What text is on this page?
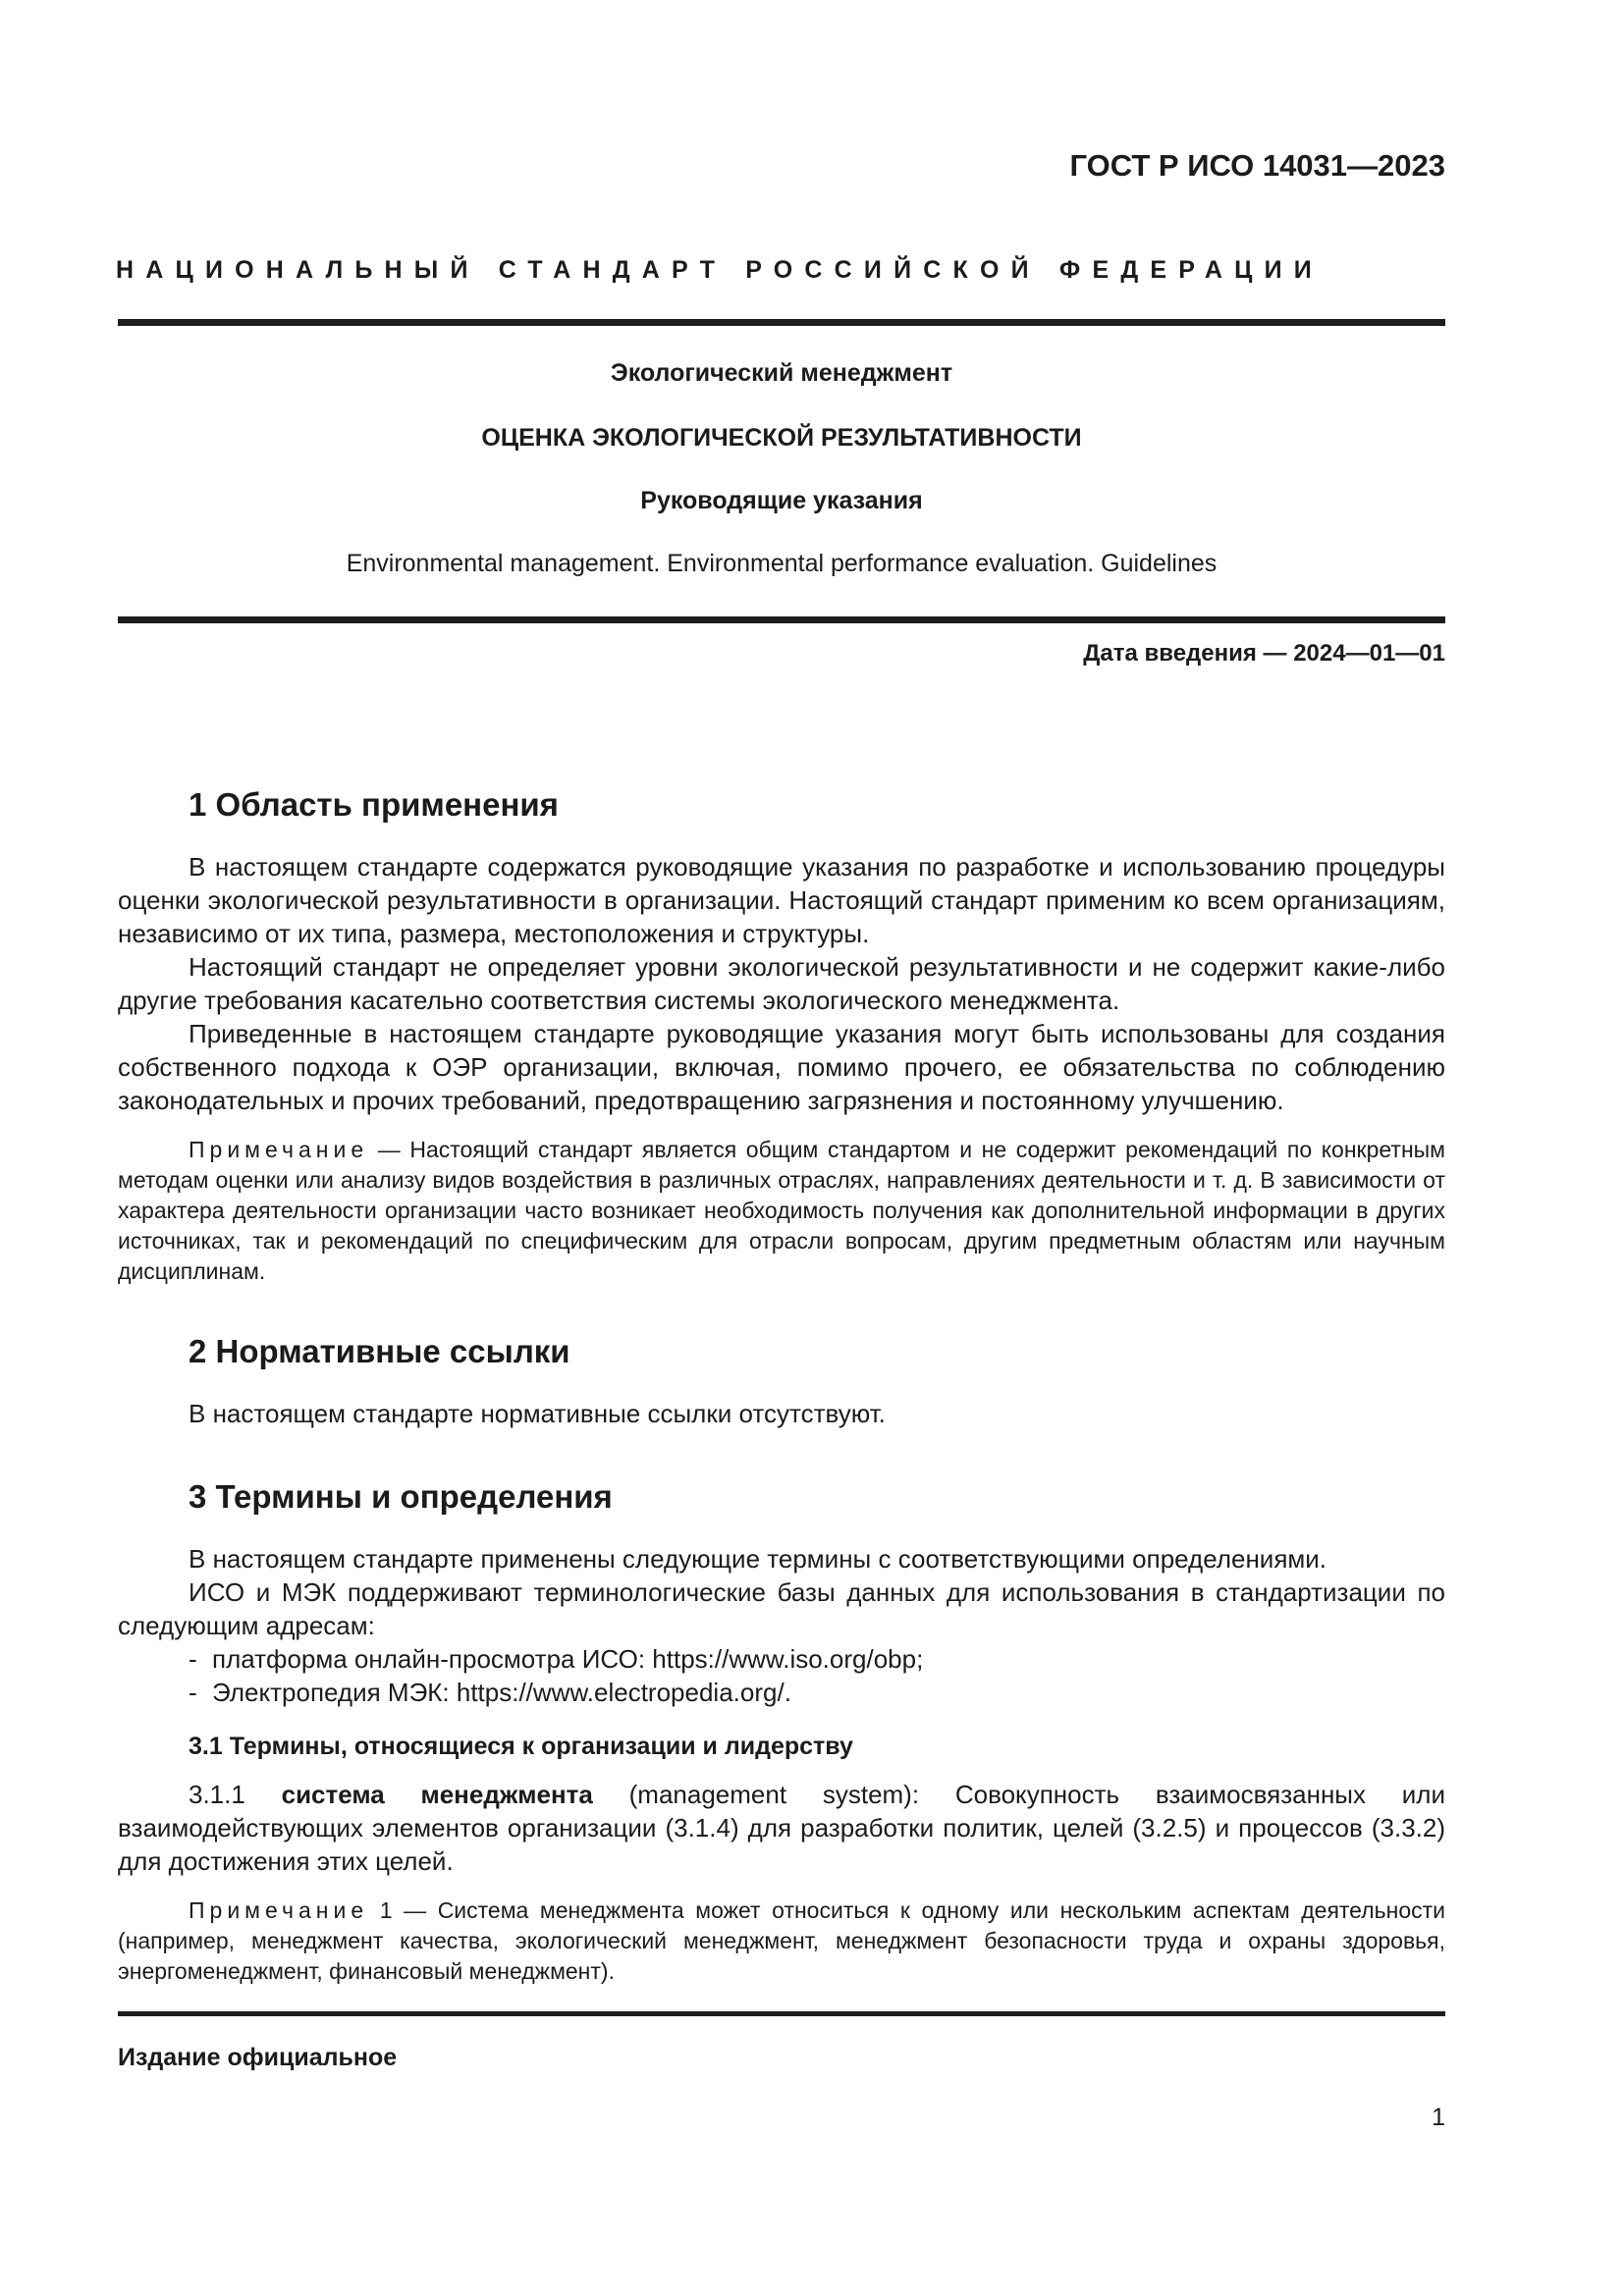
ГОСТ Р ИСО 14031—2023
НАЦИОНАЛЬНЫЙ СТАНДАРТ РОССИЙСКОЙ ФЕДЕРАЦИИ
Экологический менеджмент
ОЦЕНКА ЭКОЛОГИЧЕСКОЙ РЕЗУЛЬТАТИВНОСТИ
Руководящие указания
Environmental management. Environmental performance evaluation. Guidelines
Дата введения — 2024—01—01
1 Область применения

В настоящем стандарте содержатся руководящие указания по разработке и использованию процедуры оценки экологической результативности в организации. Настоящий стандарт применим ко всем организациям, независимо от их типа, размера, местоположения и структуры.

Настоящий стандарт не определяет уровни экологической результативности и не содержит какие-либо другие требования касательно соответствия системы экологического менеджмента.

Приведенные в настоящем стандарте руководящие указания могут быть использованы для создания собственного подхода к ОЭР организации, включая, помимо прочего, ее обязательства по соблюдению законодательных и прочих требований, предотвращению загрязнения и постоянному улучшению.

Примечание — Настоящий стандарт является общим стандартом и не содержит рекомендаций по конкретным методам оценки или анализу видов воздействия в различных отраслях, направлениях деятельности и т. д. В зависимости от характера деятельности организации часто возникает необходимость получения как дополнительной информации в других источниках, так и рекомендаций по специфическим для отрасли вопросам, другим предметным областям или научным дисциплинам.

2 Нормативные ссылки

В настоящем стандарте нормативные ссылки отсутствуют.

3 Термины и определения

В настоящем стандарте применены следующие термины с соответствующими определениями.

ИСО и МЭК поддерживают терминологические базы данных для использования в стандартизации по следующим адресам:

- платформа онлайн-просмотра ИСО: https://www.iso.org/obp;

- Электропедия МЭК: https://www.electropedia.org/.

3.1 Термины, относящиеся к организации и лидерству

3.1.1 система менеджмента (management system): Совокупность взаимосвязанных или взаимодействующих элементов организации (3.1.4) для разработки политик, целей (3.2.5) и процессов (3.3.2) для достижения этих целей.

Примечание 1 — Система менеджмента может относиться к одному или нескольким аспектам деятельности (например, менеджмент качества, экологический менеджмент, менеджмент безопасности труда и охраны здоровья, энергоменеджмент, финансовый менеджмент).

Издание официальное
1
